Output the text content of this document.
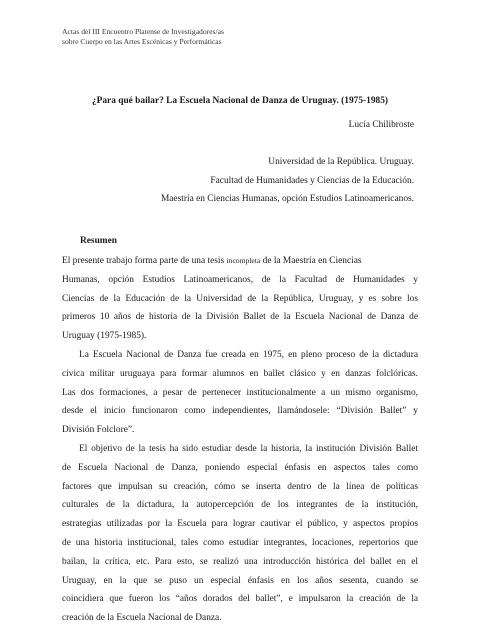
Actas del III Encuentro Platense de Investigadores/as
sobre Cuerpo en las Artes Escénicas y Performáticas
¿Para qué bailar? La Escuela Nacional de Danza de Uruguay. (1975-1985)
Lucía Chilibroste
Universidad de la República. Uruguay.
Facultad de Humanidades y Ciencias de la Educación.
Maestría en Ciencias Humanas, opción Estudios Latinoamericanos.
Resumen
El presente trabajo forma parte de una tesis incompleta de la Maestría en Ciencias
Humanas, opción Estudios Latinoamericanos, de la Facultad de Humanidades y
Ciencias de la Educación de la Universidad de la República, Uruguay, y es sobre los
primeros 10 años de historia de la División Ballet de la Escuela Nacional de Danza de
Uruguay (1975-1985).
La Escuela Nacional de Danza fue creada en 1975, en pleno proceso de la dictadura
cívica militar uruguaya para formar alumnos en ballet clásico y en danzas folclóricas.
Las dos formaciones, a pesar de pertenecer institucionalmente a un mismo organismo,
desde el inicio funcionaron como independientes, llamándosele: “División Ballet” y
División Folclore”.
El objetivo de la tesis ha sido estudiar desde la historia, la institución División Ballet
de Escuela Nacional de Danza, poniendo especial énfasis en aspectos tales como
factores que impulsan su creación, cómo se inserta dentro de la línea de políticas
culturales de la dictadura, la autopercepción de los integrantes de la institución,
estrategias utilizadas por la Escuela para lograr cautivar el público, y aspectos propios
de una historia institucional, tales como estudiar integrantes, locaciones, repertorios que
bailan, la crítica, etc. Para esto, se realizó una introducción histórica del ballet en el
Uruguay, en la que se puso un especial énfasis en los años sesenta, cuando se
coincidiera que fueron los “años dorados del ballet”, e impulsaron la creación de la
creación de la Escuela Nacional de Danza.
